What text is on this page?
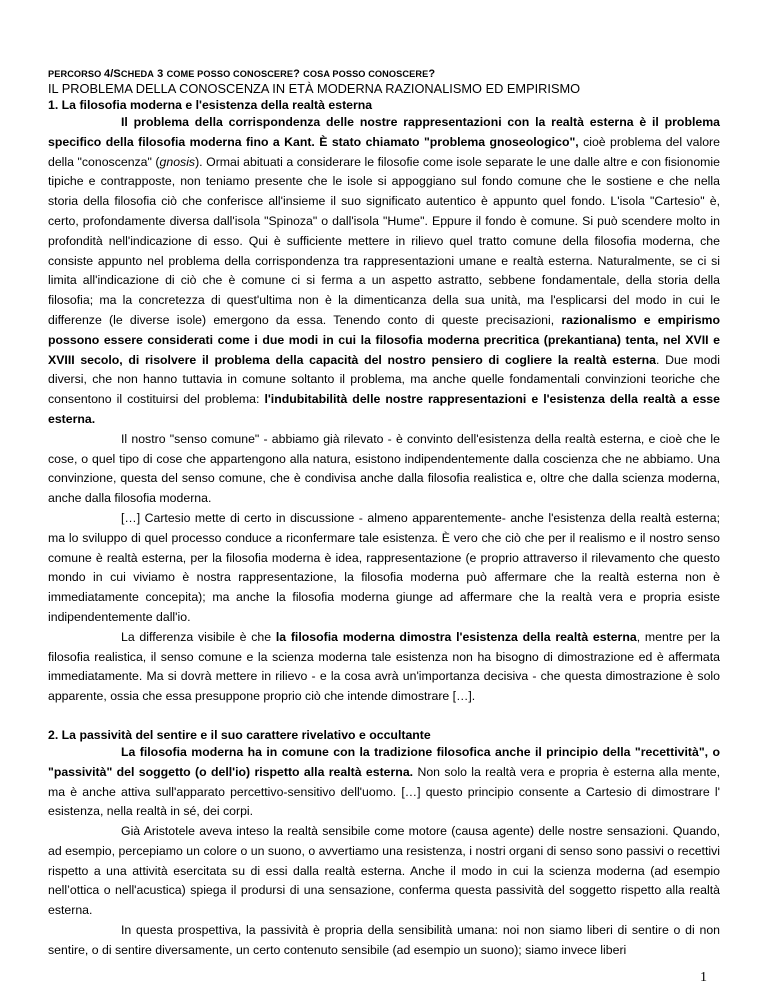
PERCORSO 4/SCHEDA 3 COME POSSO CONOSCERE? COSA POSSO CONOSCERE?
IL PROBLEMA DELLA CONOSCENZA IN ETÀ MODERNA RAZIONALISMO ED EMPIRISMO
1. La filosofia moderna e l'esistenza della realtà esterna

Il problema della corrispondenza delle nostre rappresentazioni con la realtà esterna è il problema specifico della filosofia moderna fino a Kant. È stato chiamato "problema gnoseologico", cioè problema del valore della "conoscenza" (gnosis). Ormai abituati a considerare le filosofie come isole separate le une dalle altre e con fisionomie tipiche e contrapposte, non teniamo presente che le isole si appoggiano sul fondo comune che le sostiene e che nella storia della filosofia ciò che conferisce all'insieme il suo significato autentico è appunto quel fondo. L'isola "Cartesio" è, certo, profondamente diversa dall'isola "Spinoza" o dall'isola "Hume". Eppure il fondo è comune. Si può scendere molto in profondità nell'indicazione di esso. Qui è sufficiente mettere in rilievo quel tratto comune della filosofia moderna, che consiste appunto nel problema della corrispondenza tra rappresentazioni umane e realtà esterna. Naturalmente, se ci si limita all'indicazione di ciò che è comune ci si ferma a un aspetto astratto, sebbene fondamentale, della storia della filosofia; ma la concretezza di quest'ultima non è la dimenticanza della sua unità, ma l'esplicarsi del modo in cui le differenze (le diverse isole) emergono da essa. Tenendo conto di queste precisazioni, razionalismo e empirismo possono essere considerati come i due modi in cui la filosofia moderna precritica (prekantiana) tenta, nel XVII e XVIII secolo, di risolvere il problema della capacità del nostro pensiero di cogliere la realtà esterna. Due modi diversi, che non hanno tuttavia in comune soltanto il problema, ma anche quelle fondamentali convinzioni teoriche che consentono il costituirsi del problema: l'indubitabilità delle nostre rappresentazioni e l'esistenza della realtà a esse esterna.

Il nostro "senso comune" - abbiamo già rilevato - è convinto dell'esistenza della realtà esterna, e cioè che le cose, o quel tipo di cose che appartengono alla natura, esistono indipendentemente dalla coscienza che ne abbiamo. Una convinzione, questa del senso comune, che è condivisa anche dalla filosofia realistica e, oltre che dalla scienza moderna, anche dalla filosofia moderna.

[…] Cartesio mette di certo in discussione - almeno apparentemente- anche l'esistenza della realtà esterna; ma lo sviluppo di quel processo conduce a riconfermare tale esistenza. È vero che ciò che per il realismo e il nostro senso comune è realtà esterna, per la filosofia moderna è idea, rappresentazione (e proprio attraverso il rilevamento che questo mondo in cui viviamo è nostra rappresentazione, la filosofia moderna può affermare che la realtà esterna non è immediatamente concepita); ma anche la filosofia moderna giunge ad affermare che la realtà vera e propria esiste indipendentemente dall'io.

La differenza visibile è che la filosofia moderna dimostra l'esistenza della realtà esterna, mentre per la filosofia realistica, il senso comune e la scienza moderna tale esistenza non ha bisogno di dimostrazione ed è affermata immediatamente. Ma si dovrà mettere in rilievo - e la cosa avrà un'importanza decisiva - che questa dimostrazione è solo apparente, ossia che essa presuppone proprio ciò che intende dimostrare […].

2. La passività del sentire e il suo carattere rivelativo e occultante

La filosofia moderna ha in comune con la tradizione filosofica anche il principio della "recettività", o "passività" del soggetto (o dell'io) rispetto alla realtà esterna. Non solo la realtà vera e propria è esterna alla mente, ma è anche attiva sull'apparato percettivo-sensitivo dell'uomo. […] questo principio consente a Cartesio di dimostrare l' esistenza, nella realtà in sé, dei corpi.

Già Aristotele aveva inteso la realtà sensibile come motore (causa agente) delle nostre sensazioni. Quando, ad esempio, percepiamo un colore o un suono, o avvertiamo una resistenza, i nostri organi di senso sono passivi o recettivi rispetto a una attività esercitata su di essi dalla realtà esterna. Anche il modo in cui la scienza moderna (ad esempio nell’ottica o nell'acustica) spiega il prodursi di una sensazione, conferma questa passività del soggetto rispetto alla realtà esterna.

In questa prospettiva, la passività è propria della sensibilità umana: noi non siamo liberi di sentire o di non sentire, o di sentire diversamente, un certo contenuto sensibile (ad esempio un suono); siamo invece liberi

1
